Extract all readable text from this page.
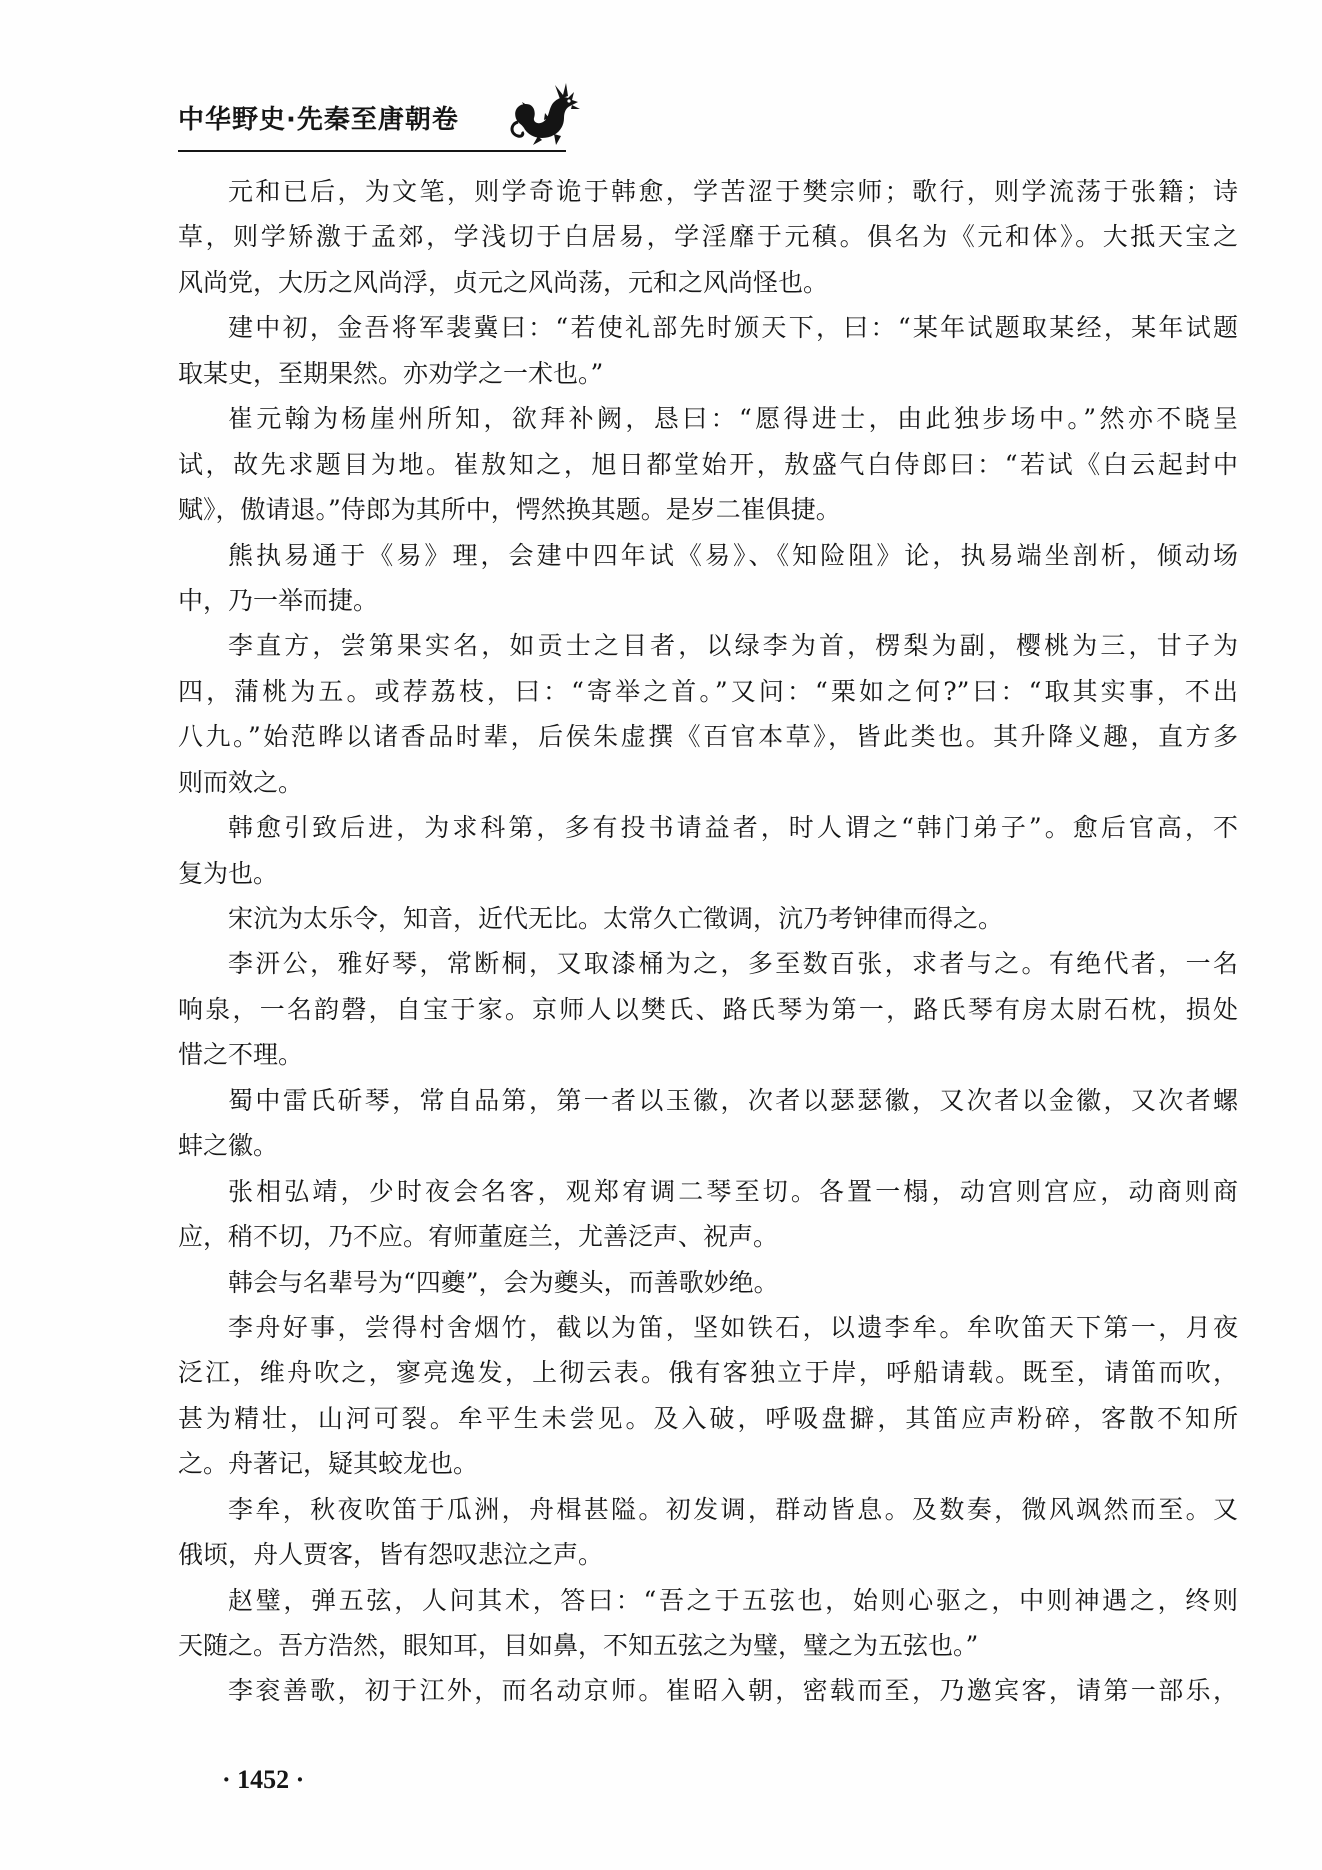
中华野史·先秦至唐朝卷
元和已后，为文笔，则学奇诡于韩愈，学苦涩于樊宗师；歌行，则学流荡于张籍；诗
草，则学矫激于孟郊，学浅切于白居易，学淫靡于元稹。俱名为《元和体》。大抵天宝之
风尚党，大历之风尚浮，贞元之风尚荡，元和之风尚怪也。
建中初，金吾将军裴冀曰：“若使礼部先时颁天下，曰：“某年试题取某经，某年试题
取某史，至期果然。亦劝学之一术也。”
崔元翰为杨崖州所知，欲拜补阙，恳曰：“愿得进士，由此独步场中。”然亦不晓呈
试，故先求题目为地。崔敖知之，旭日都堂始开，敖盛气白侍郎曰：“若试《白云起封中
赋》，傲请退。”侍郎为其所中，愕然换其题。是岁二崔俱捷。
熊执易通于《易》理，会建中四年试《易》、《知险阻》论，执易端坐剖析，倾动场
中，乃一举而捷。
李直方，尝第果实名，如贡士之目者，以绿李为首，楞梨为副，樱桃为三，甘子为
四，蒲桃为五。或荐荔枝，曰：“寄举之首。”又问：“栗如之何?”曰：“取其实事，不出
八九。”始范晔以诸香品时辈，后侯朱虚撰《百官本草》，皆此类也。其升降义趣，直方多
则而效之。
韩愈引致后进，为求科第，多有投书请益者，时人谓之“韩门弟子”。愈后官高，不
复为也。
宋沆为太乐令，知音，近代无比。太常久亡徵调，沆乃考钟律而得之。
李汧公，雅好琴，常断桐，又取漆桶为之，多至数百张，求者与之。有绝代者，一名
响泉，一名韵磬，自宝于家。京师人以樊氏、路氏琴为第一，路氏琴有房太尉石枕，损处
惜之不理。
蜀中雷氏斫琴，常自品第，第一者以玉徽，次者以瑟瑟徽，又次者以金徽，又次者螺
蚌之徽。
张相弘靖，少时夜会名客，观郑宥调二琴至切。各置一榻，动宫则宫应，动商则商
应，稍不切，乃不应。宥师董庭兰，尤善泛声、祝声。
韩会与名辈号为“四夔”，会为夔头，而善歌妙绝。
李舟好事，尝得村舍烟竹，截以为笛，坚如铁石，以遗李牟。牟吹笛天下第一，月夜
泛江，维舟吹之，寥亮逸发，上彻云表。俄有客独立于岸，呼船请载。既至，请笛而吹，
甚为精壮，山河可裂。牟平生未尝见。及入破，呼吸盘擗，其笛应声粉碎，客散不知所
之。舟著记，疑其蛟龙也。
李牟，秋夜吹笛于瓜洲，舟楫甚隘。初发调，群动皆息。及数奏，微风飒然而至。又
俄顷，舟人贾客，皆有怨叹悲泣之声。
赵璧，弹五弦，人问其术，答曰：“吾之于五弦也，始则心驱之，中则神遇之，终则
天随之。吾方浩然，眼知耳，目如鼻，不知五弦之为璧，璧之为五弦也。”
李衮善歌，初于江外，而名动京师。崔昭入朝，密载而至，乃邀宾客，请第一部乐，
· 1452 ·
